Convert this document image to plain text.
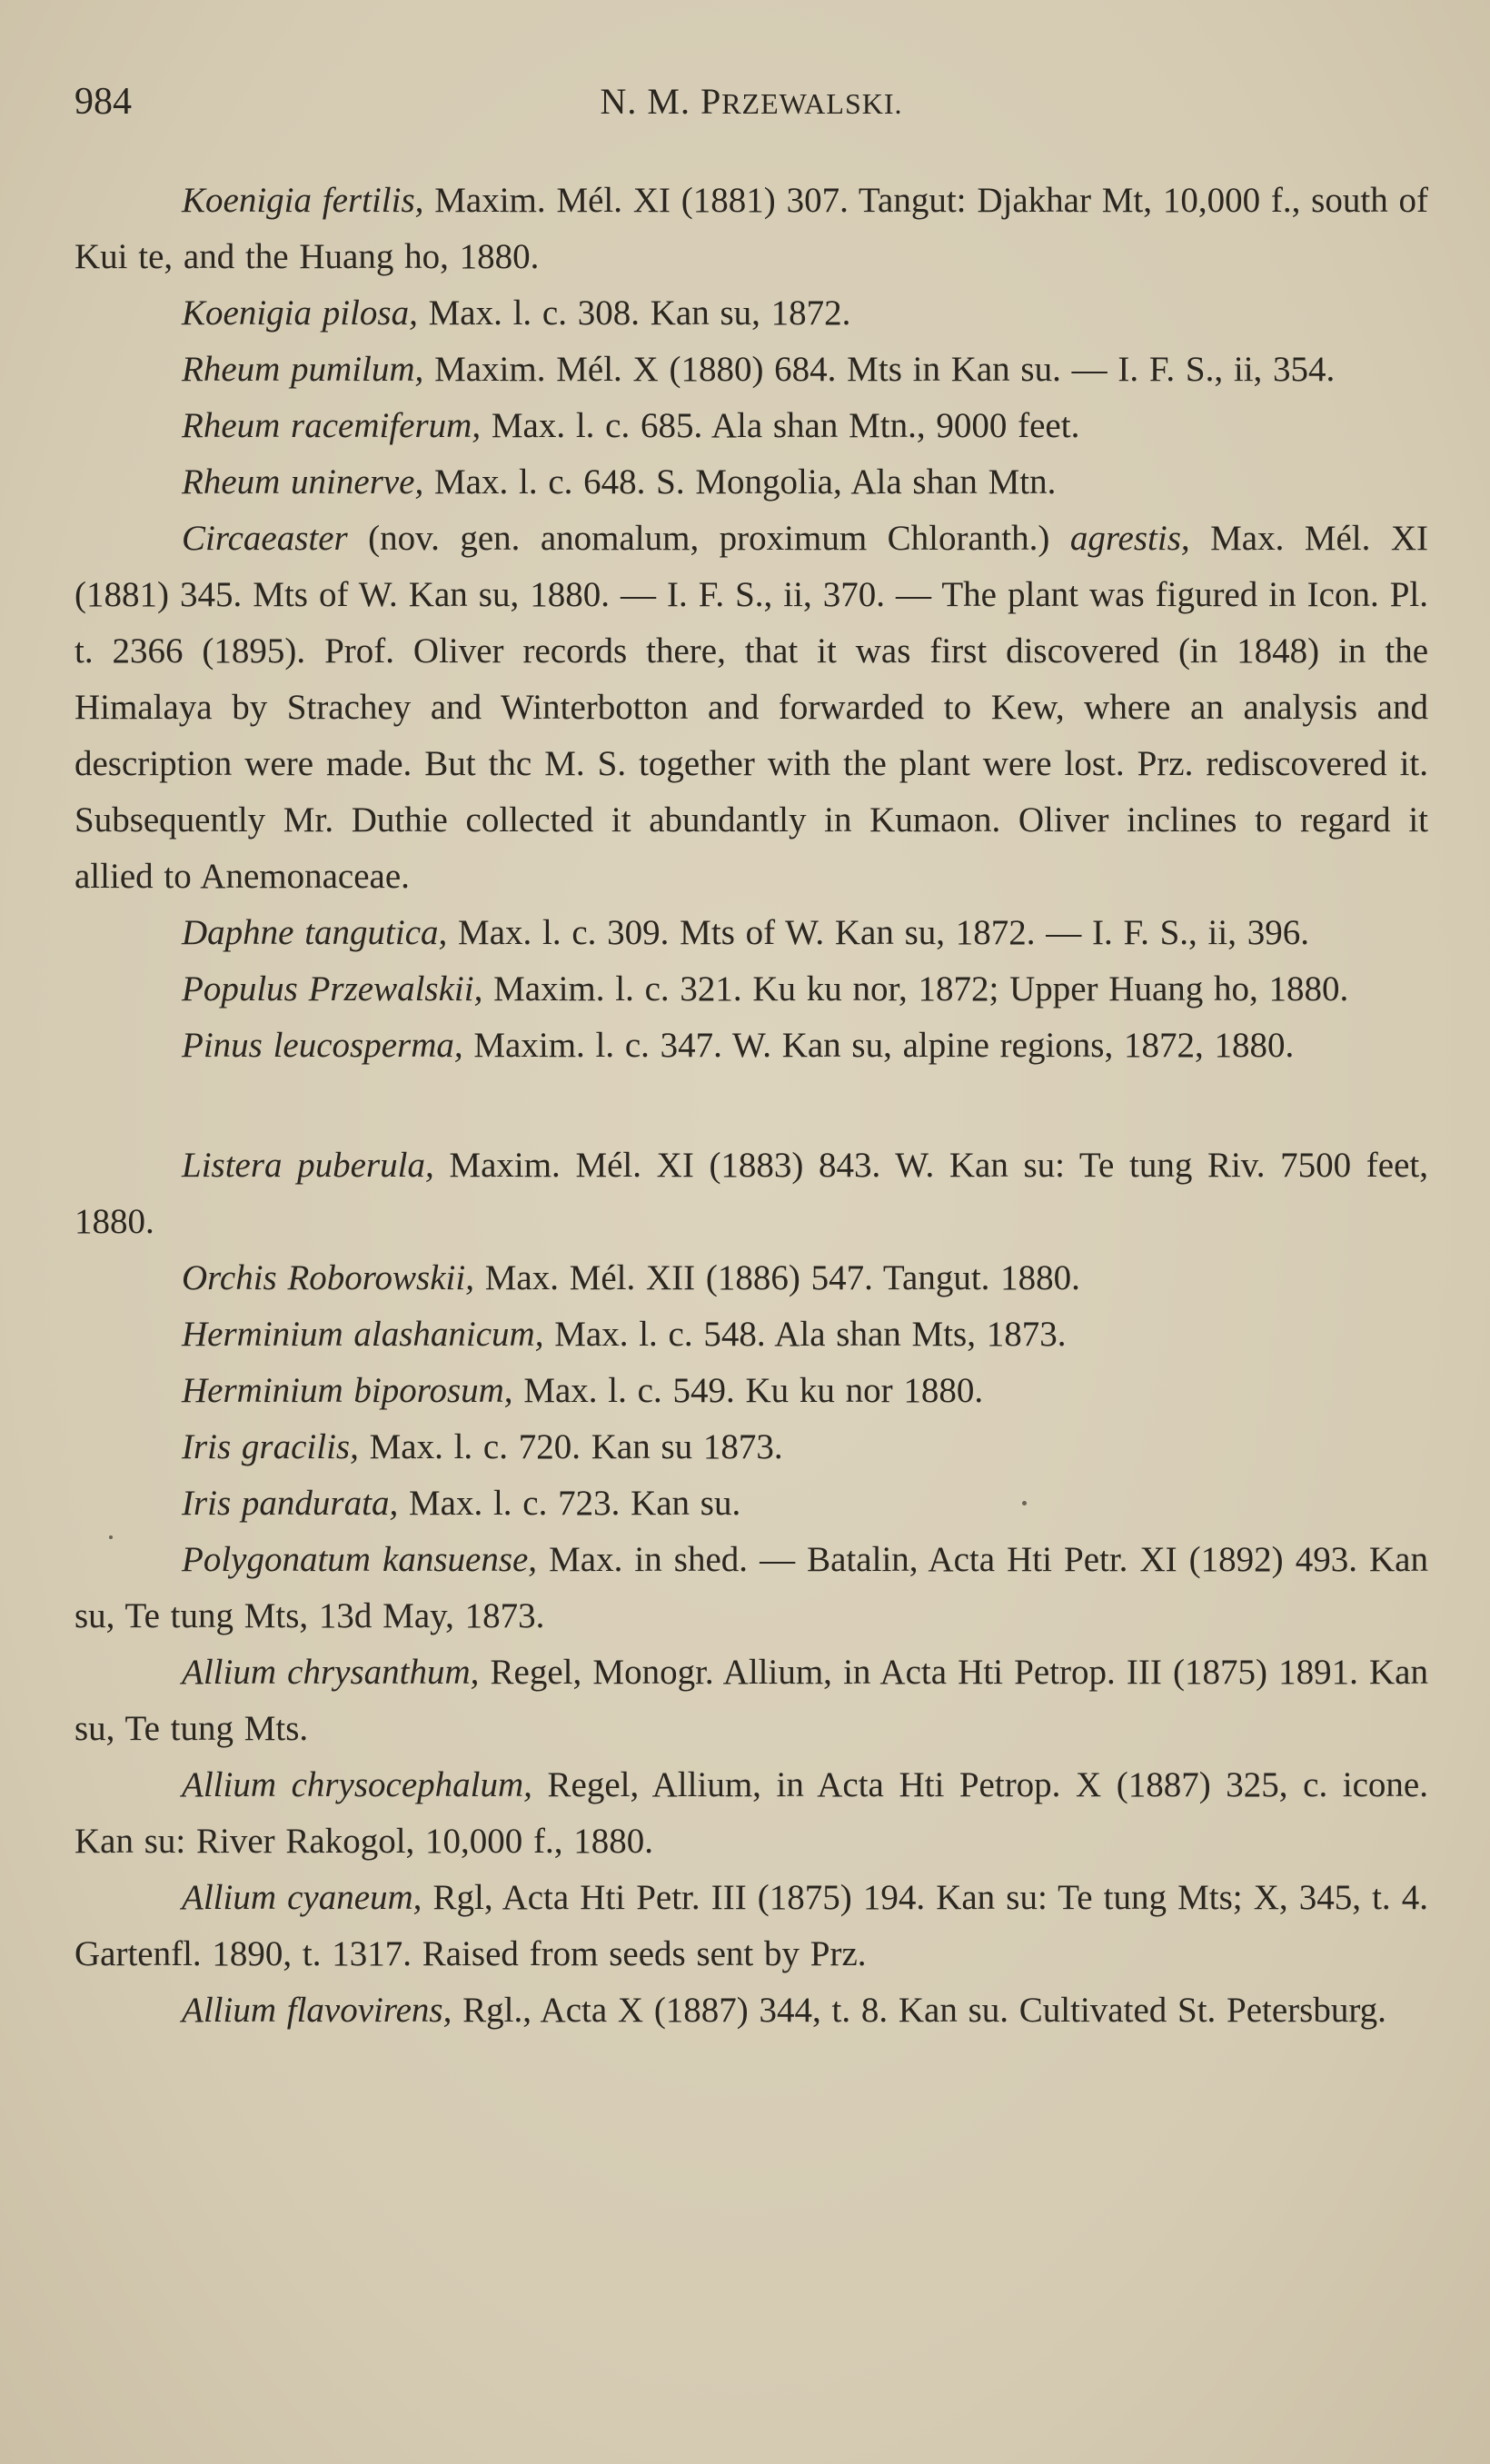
984	N. M. PRZEWALSKI.

Koenigia fertilis, Maxim. Mél. XI (1881) 307. Tangut: Djakhar Mt, 10,000 f., south of Kui te, and the Huang ho, 1880.

Koenigia pilosa, Max. l. c. 308. Kan su, 1872.

Rheum pumilum, Maxim. Mél. X (1880) 684. Mts in Kan su. — I. F. S., ii, 354.

Rheum racemiferum, Max. l. c. 685. Ala shan Mtn., 9000 feet.

Rheum uninerve, Max. l. c. 648. S. Mongolia, Ala shan Mtn.

Circaeaster (nov. gen. anomalum, proximum Chloranth.) agrestis, Max. Mél. XI (1881) 345. Mts of W. Kan su, 1880. — I. F. S., ii, 370. — The plant was figured in Icon. Pl. t. 2366 (1895). Prof. Oliver records there, that it was first discovered (in 1848) in the Himalaya by Strachey and Winterbotton and forwarded to Kew, where an analysis and description were made. But thc M. S. together with the plant were lost. Prz. rediscovered it. Subsequently Mr. Duthie collected it abundantly in Kumaon. Oliver inclines to regard it allied to Anemonaceae.

Daphne tangutica, Max. l. c. 309. Mts of W. Kan su, 1872. — I. F. S., ii, 396.

Populus Przewalskii, Maxim. l. c. 321. Ku ku nor, 1872; Upper Huang ho, 1880.

Pinus leucosperma, Maxim. l. c. 347. W. Kan su, alpine regions, 1872, 1880.

Listera puberula, Maxim. Mél. XI (1883) 843. W. Kan su: Te tung Riv. 7500 feet, 1880.

Orchis Roborowskii, Max. Mél. XII (1886) 547. Tangut. 1880.

Herminium alashanicum, Max. l. c. 548. Ala shan Mts, 1873.

Herminium biporosum, Max. l. c. 549. Ku ku nor 1880.

Iris gracilis, Max. l. c. 720. Kan su 1873.

Iris pandurata, Max. l. c. 723. Kan su.

Polygonatum kansuense, Max. in shed. — Batalin, Acta Hti Petr. XI (1892) 493. Kan su, Te tung Mts, 13d May, 1873.

Allium chrysanthum, Regel, Monogr. Allium, in Acta Hti Petrop. III (1875) 1891. Kan su, Te tung Mts.

Allium chrysocephalum, Regel, Allium, in Acta Hti Petrop. X (1887) 325, c. icone. Kan su: River Rakogol, 10,000 f., 1880.

Allium cyaneum, Rgl, Acta Hti Petr. III (1875) 194. Kan su: Te tung Mts; X, 345, t. 4. Gartenfl. 1890, t. 1317. Raised from seeds sent by Prz.

Allium flavovirens, Rgl., Acta X (1887) 344, t. 8. Kan su. Cultivated St. Petersburg.
